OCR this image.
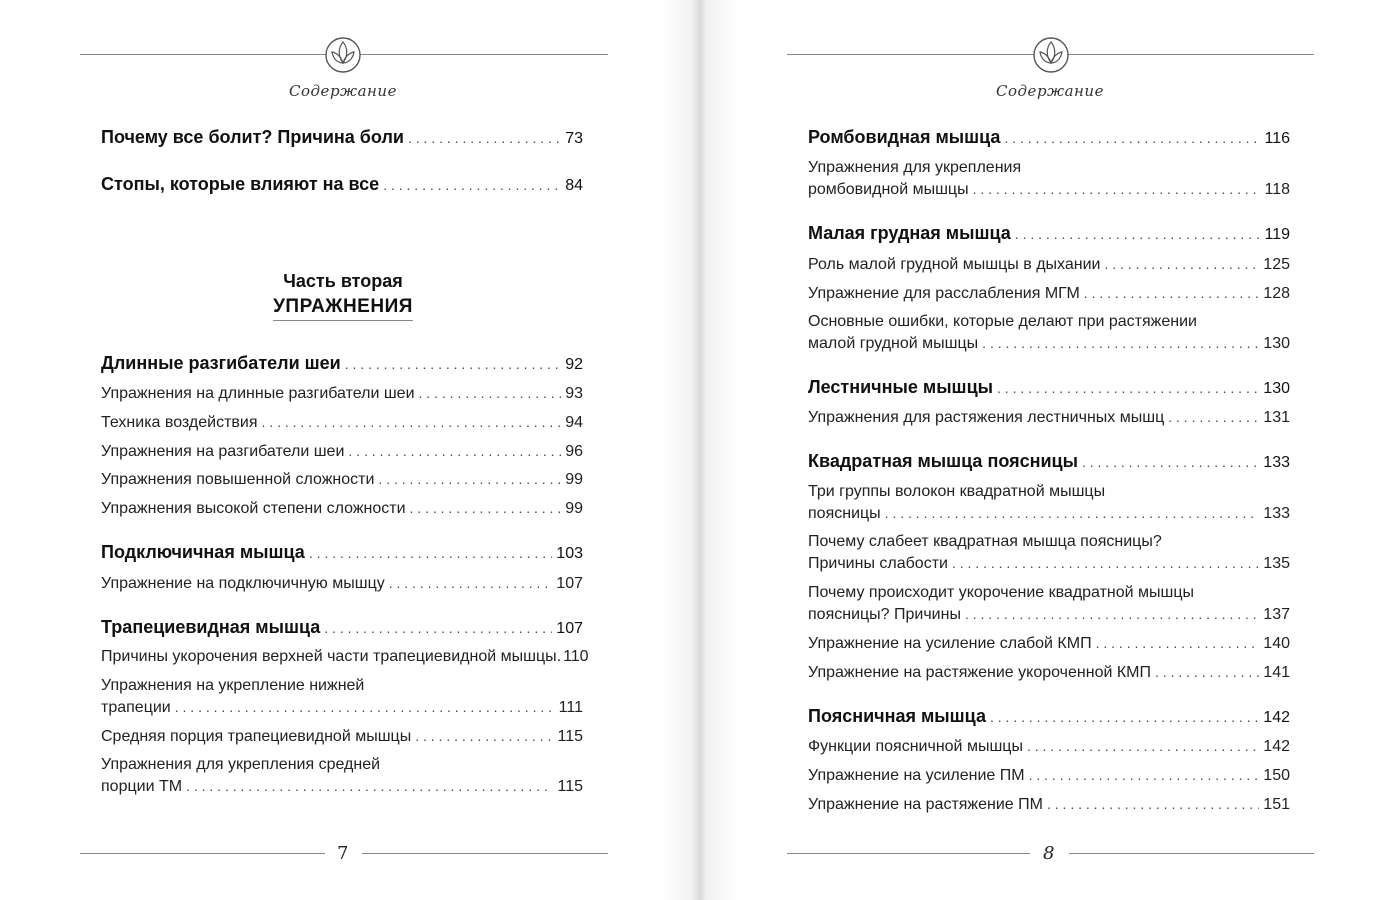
Содержание
Почему все болит? Причина боли . . .	73
Стопы, которые влияют на все . . .	84
Часть вторая
УПРАЖНЕНИЯ
Длинные разгибатели шеи . . .	92
Упражнения на длинные разгибатели шеи . . .	93
Техника воздействия . . .	94
Упражнения на разгибатели шеи . . .	96
Упражнения повышенной сложности . . .	99
Упражнения высокой степени сложности . . .	99
Подключичная мышца . . .	103
Упражнение на подключичную мышцу . . .	107
Трапециевидная мышца . . .	107
Причины укорочения верхней части трапециевидной мышцы. 110
Упражнения на укрепление нижней
трапеции . . .	111
Средняя порция трапециевидной мышцы . . .	115
Упражнения для укрепления средней
порции ТМ . . .	115
7
Содержание
Ромбовидная мышца . . .	116
Упражнения для укрепления
ромбовидной мышцы . . .	118
Малая грудная мышца . . .	119
Роль малой грудной мышцы в дыхании . . .	125
Упражнение для расслабления МГМ . . .	128
Основные ошибки, которые делают при растяжении
малой грудной мышцы . . .	130
Лестничные мышцы . . .	130
Упражнения для растяжения лестничных мышц . . .	131
Квадратная мышца поясницы . . .	133
Три группы волокон квадратной мышцы
поясницы . . .	133
Почему слабеет квадратная мышца поясницы?
Причины слабости . . .	135
Почему происходит укорочение квадратной мышцы
поясницы? Причины . . .	137
Упражнение на усиление слабой КМП . . .	140
Упражнение на растяжение укороченной КМП . . .	141
Поясничная мышца . . .	142
Функции поясничной мышцы . . .	142
Упражнение на усиление ПМ . . .	150
Упражнение на растяжение ПМ . . .	151
8
